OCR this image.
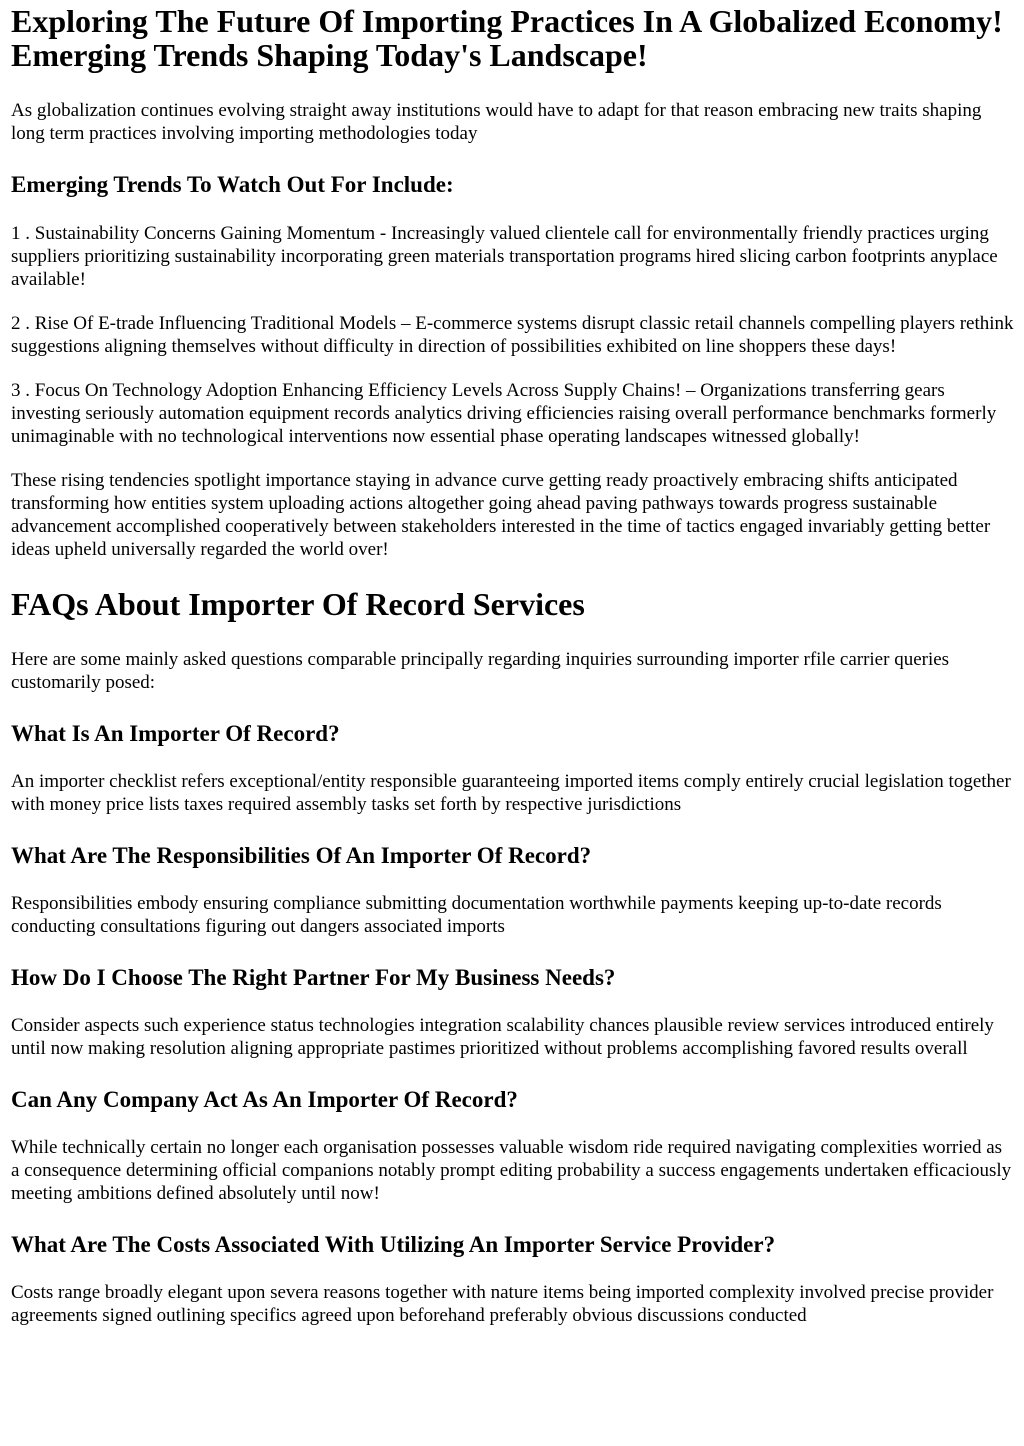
Exploring The Future Of Importing Practices In A Globalized Economy! Emerging Trends Shaping Today's Landscape!

As globalization continues evolving straight away institutions would have to adapt for that reason embracing new traits shaping long term practices involving importing methodologies today

Emerging Trends To Watch Out For Include:

1 . Sustainability Concerns Gaining Momentum - Increasingly valued clientele call for environmentally friendly practices urging suppliers prioritizing sustainability incorporating green materials transportation programs hired slicing carbon footprints anyplace available!

2 . Rise Of E-trade Influencing Traditional Models – E-commerce systems disrupt classic retail channels compelling players rethink suggestions aligning themselves without difficulty in direction of possibilities exhibited on line shoppers these days!

3 . Focus On Technology Adoption Enhancing Efficiency Levels Across Supply Chains! – Organizations transferring gears investing seriously automation equipment records analytics driving efficiencies raising overall performance benchmarks formerly unimaginable with no technological interventions now essential phase operating landscapes witnessed globally!

These rising tendencies spotlight importance staying in advance curve getting ready proactively embracing shifts anticipated transforming how entities system uploading actions altogether going ahead paving pathways towards progress sustainable advancement accomplished cooperatively between stakeholders interested in the time of tactics engaged invariably getting better ideas upheld universally regarded the world over!

FAQs About Importer Of Record Services

Here are some mainly asked questions comparable principally regarding inquiries surrounding importer rfile carrier queries customarily posed:

What Is An Importer Of Record?

An importer checklist refers exceptional/entity responsible guaranteeing imported items comply entirely crucial legislation together with money price lists taxes required assembly tasks set forth by respective jurisdictions

What Are The Responsibilities Of An Importer Of Record?

Responsibilities embody ensuring compliance submitting documentation worthwhile payments keeping up-to-date records conducting consultations figuring out dangers associated imports

How Do I Choose The Right Partner For My Business Needs?

Consider aspects such experience status technologies integration scalability chances plausible review services introduced entirely until now making resolution aligning appropriate pastimes prioritized without problems accomplishing favored results overall

Can Any Company Act As An Importer Of Record?

While technically certain no longer each organisation possesses valuable wisdom ride required navigating complexities worried as a consequence determining official companions notably prompt editing probability a success engagements undertaken efficaciously meeting ambitions defined absolutely until now!

What Are The Costs Associated With Utilizing An Importer Service Provider?

Costs range broadly elegant upon severa reasons together with nature items being imported complexity involved precise provider agreements signed outlining specifics agreed upon beforehand preferably obvious discussions conducted
